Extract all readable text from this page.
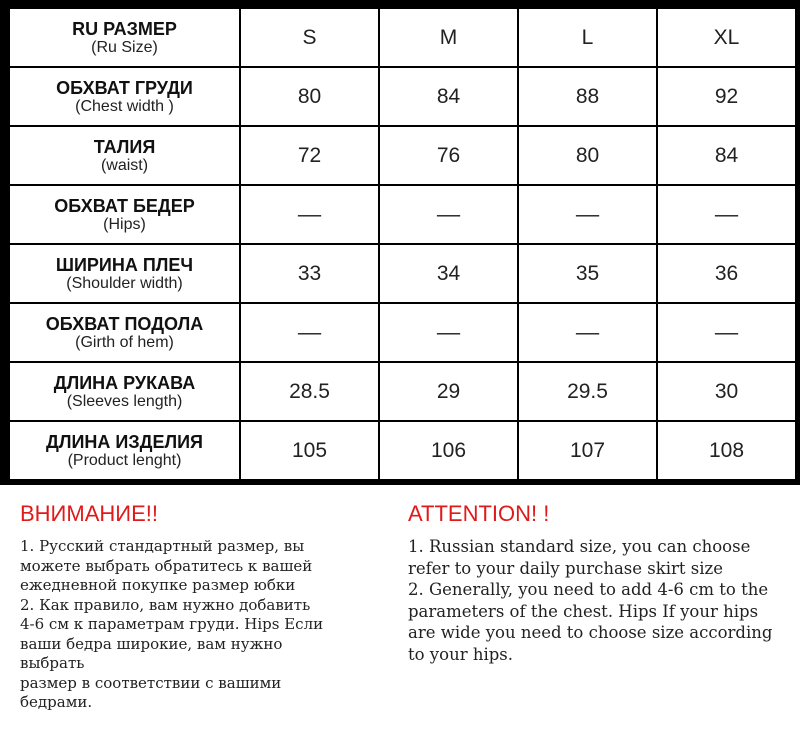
RU РАЗМЕР
(Ru Size)	S	M	L	XL

ОБХВАТ ГРУДИ
(Chest width )	80	84	88	92

ТАЛИЯ
(waist)	72	76	80	84

ОБХВАТ БЕДЕР
(Hips)	––	––	––	––

ШИРИНА ПЛЕЧ
(Shoulder width)	33	34	35	36

ОБХВАТ ПОДОЛА
(Girth of hem)	––	––	––	––

ДЛИНА РУКАВА
(Sleeves length)	28.5	29	29.5	30

ДЛИНА ИЗДЕЛИЯ
(Product lenght)	105	106	107	108
ВНИМАНИЕ!!
1. Русский стандартный размер, вы
можете выбрать обратитесь к вашей
ежедневной покупке размер юбки
2. Как правило, вам нужно добавить
4-6 см к параметрам груди. Hips Если
ваши бедра широкие, вам нужно
выбрать
размер в соответствии с вашими
бедрами.
ATTENTION! !
1. Russian standard size, you can choose
refer to your daily purchase skirt size
2. Generally, you need to add 4-6 cm to the
parameters of the chest. Hips If your hips
are wide you need to choose size according
to your hips.
